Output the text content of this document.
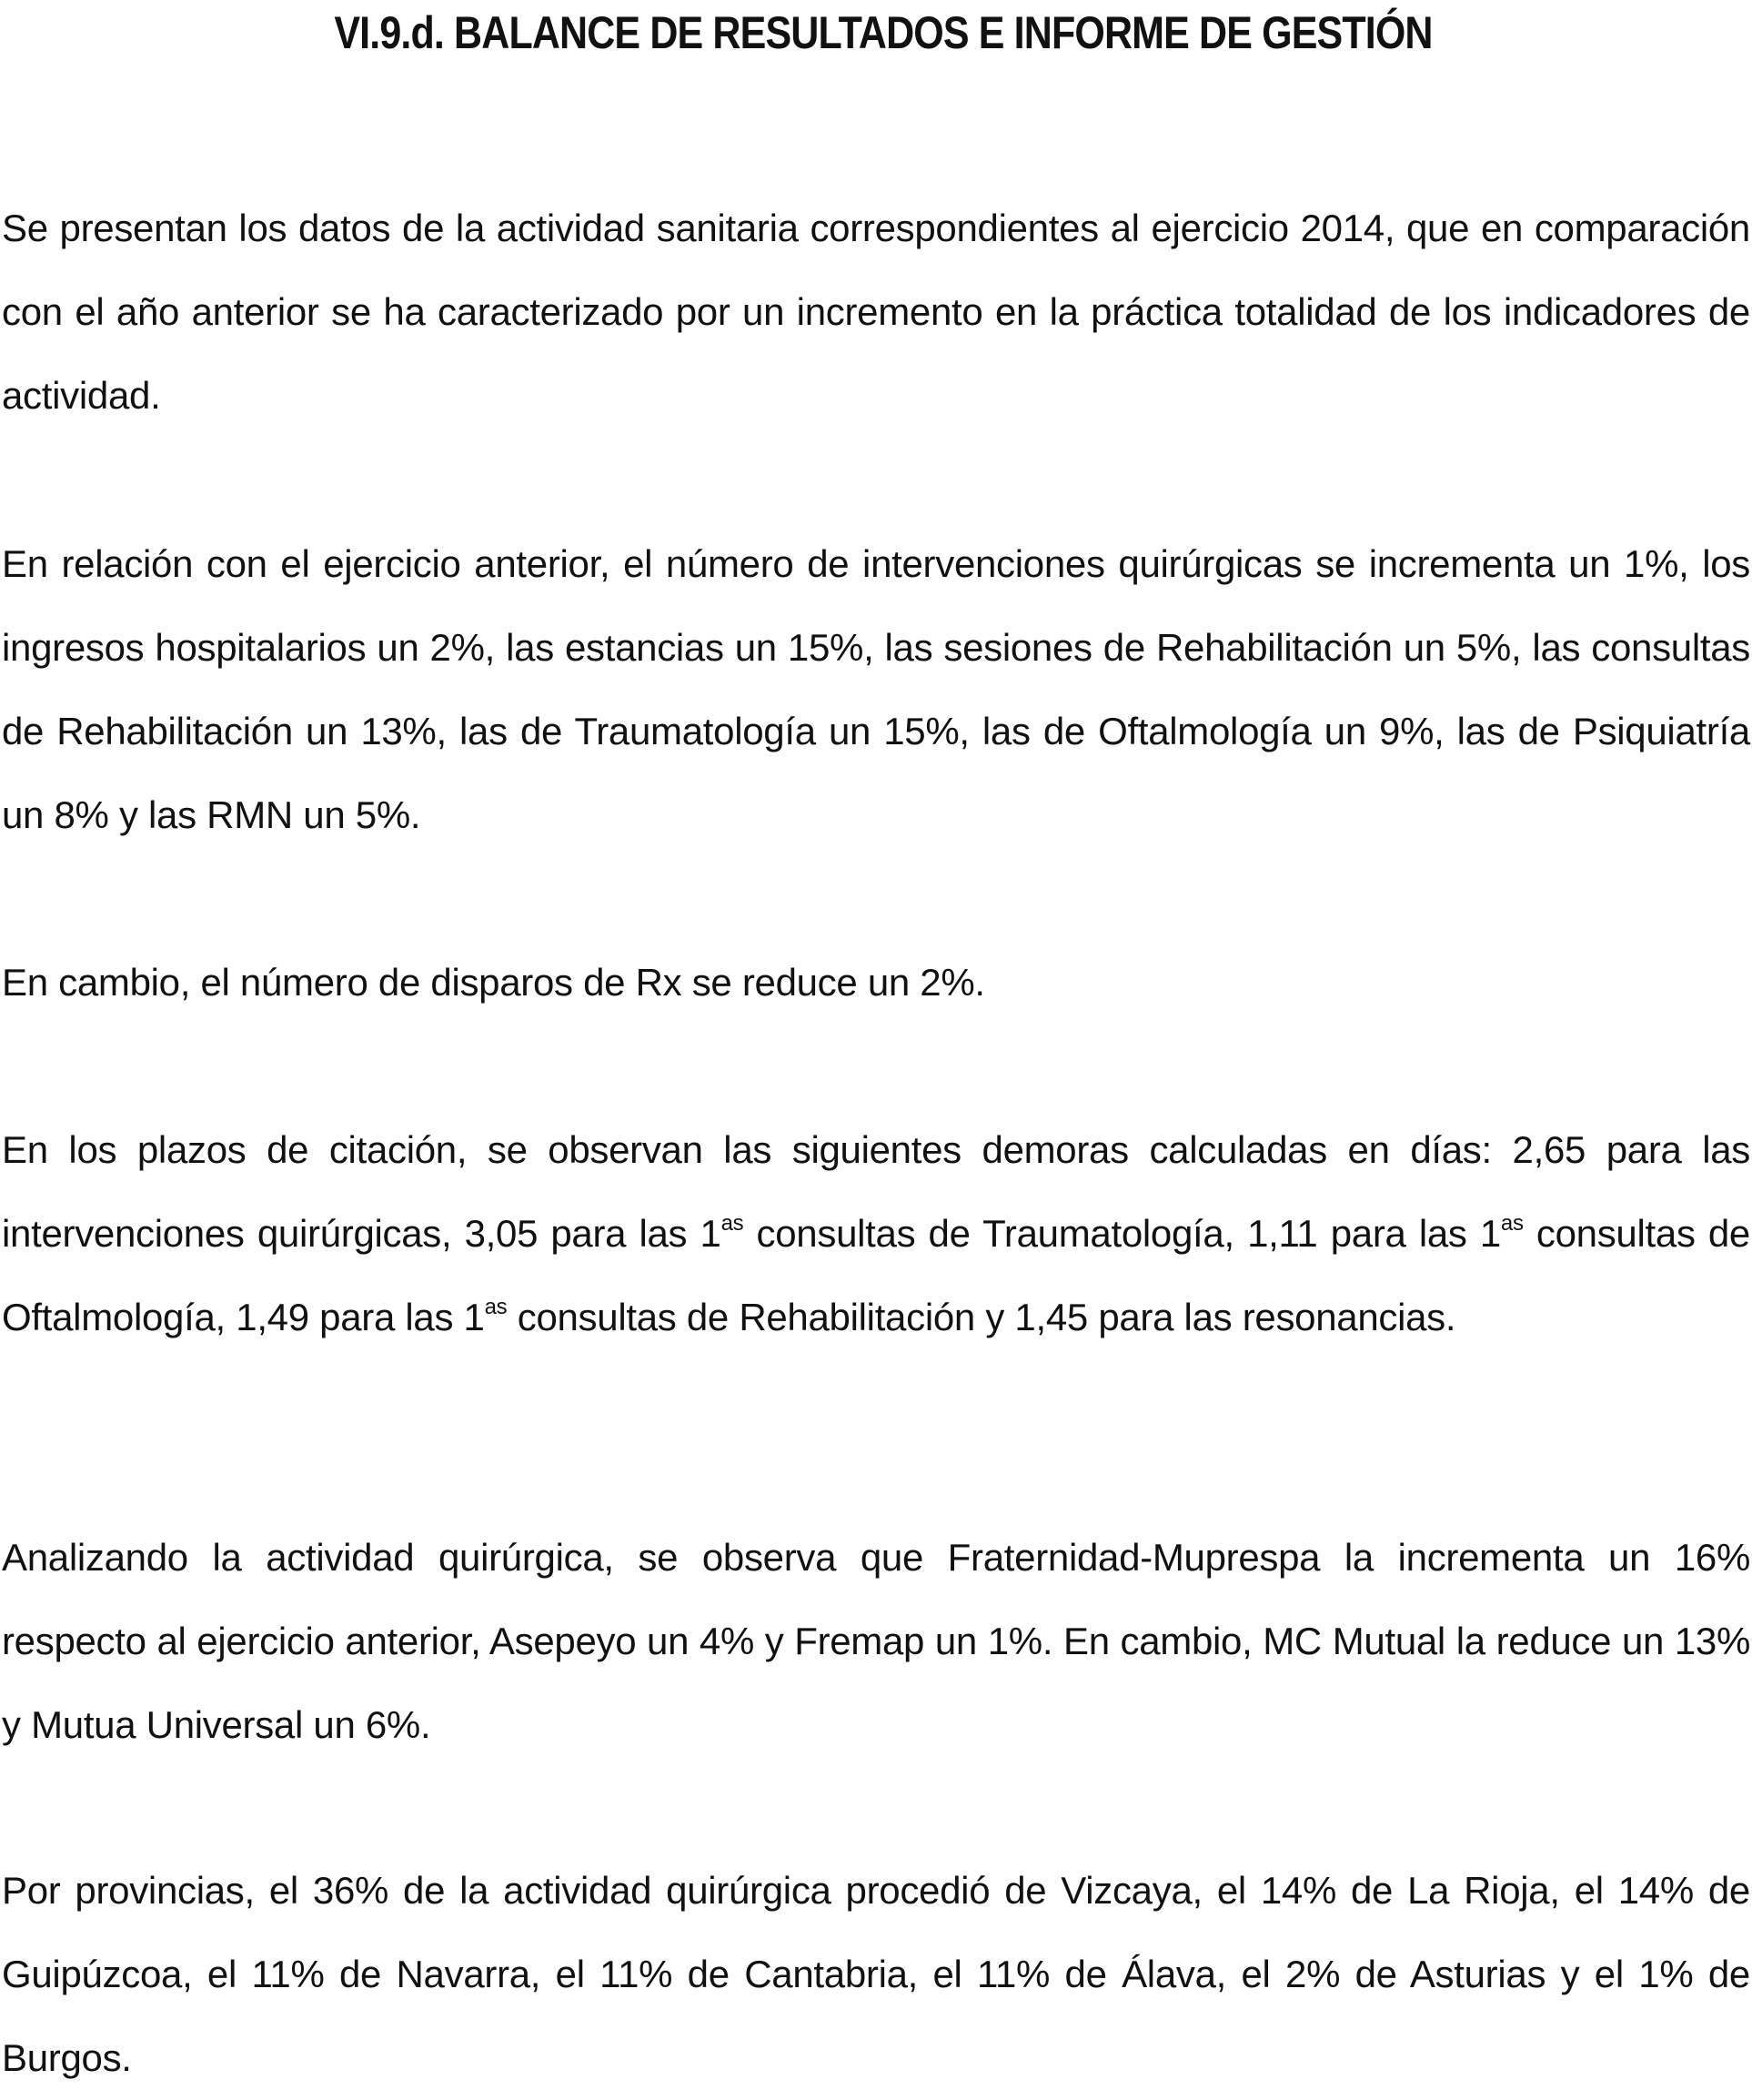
VI.9.d. BALANCE DE RESULTADOS E INFORME DE GESTIÓN

Se presentan los datos de la actividad sanitaria correspondientes al ejercicio 2014, que en comparación con el año anterior se ha caracterizado por un incremento en la práctica totalidad de los indicadores de actividad.

En relación con el ejercicio anterior, el número de intervenciones quirúrgicas se incrementa un 1%, los ingresos hospitalarios un 2%, las estancias un 15%, las sesiones de Rehabilitación un 5%, las consultas de Rehabilitación un 13%, las de Traumatología un 15%, las de Oftalmología un 9%, las de Psiquiatría un 8% y las RMN un 5%.

En cambio, el número de disparos de Rx se reduce un 2%.

En los plazos de citación, se observan las siguientes demoras calculadas en días: 2,65 para las intervenciones quirúrgicas, 3,05 para las $1^{as}$ consultas de Traumatología, 1,11 para las $1^{as}$ consultas de Oftalmología, 1,49 para las $1^{as}$ consultas de Rehabilitación y 1,45 para las resonancias.

Analizando la actividad quirúrgica, se observa que Fraternidad-Muprespa la incrementa un 16% respecto al ejercicio anterior, Asepeyo un 4% y Fremap un 1%. En cambio, MC Mutual la reduce un 13% y Mutua Universal un 6%.

Por provincias, el 36% de la actividad quirúrgica procedió de Vizcaya, el 14% de La Rioja, el 14% de Guipúzcoa, el 11% de Navarra, el 11% de Cantabria, el 11% de Álava, el 2% de Asturias y el 1% de Burgos.
